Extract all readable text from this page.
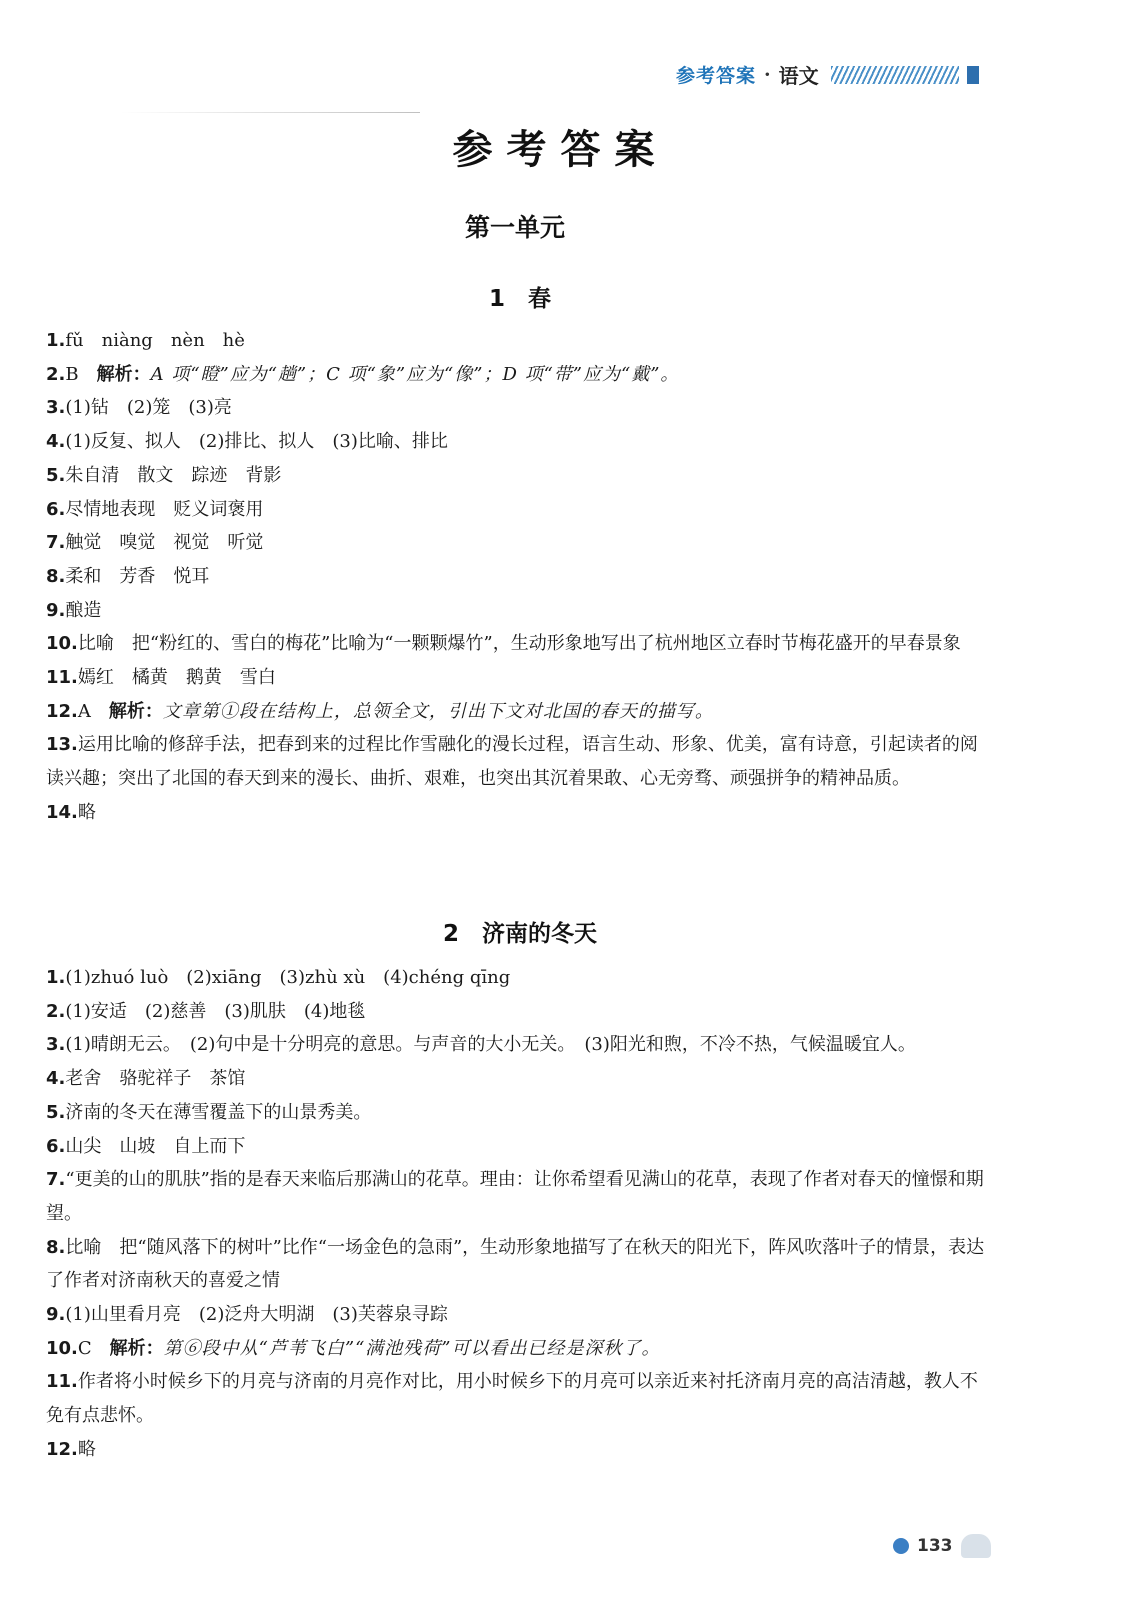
参考答案 · 语文
参考答案
第一单元
1　春
1.fǔ　niàng　nèn　hè
2.B　 解析：A 项“瞪”应为“趟”；C 项“象”应为“像”；D 项“带”应为“戴”。
3.(1)钻　(2)笼　(3)亮
4.(1)反复、拟人　(2)排比、拟人　(3)比喻、排比
5.朱自清　散文　踪迹　背影
6.尽情地表现　贬义词褒用
7.触觉　嗅觉　视觉　听觉
8.柔和　芳香　悦耳
9.酿造
10.比喻　把“粉红的、雪白的梅花”比喻为“一颗颗爆竹”，生动形象地写出了杭州地区立春时节梅花盛开的早春景象
11.嫣红　橘黄　鹅黄　雪白
12.A　 解析：文章第①段在结构上，总领全文，引出下文对北国的春天的描写。
13.运用比喻的修辞手法，把春到来的过程比作雪融化的漫长过程，语言生动、形象、优美，富有诗意，引起读者的阅读兴趣；突出了北国的春天到来的漫长、曲折、艰难，也突出其沉着果敢、心无旁骛、顽强拼争的精神品质。
14.略
2　济南的冬天
1.(1)zhuó luò　(2)xiāng　(3)zhù xù　(4)chéng qīng
2.(1)安适　(2)慈善　(3)肌肤　(4)地毯
3.(1)晴朗无云。　(2)句中是十分明亮的意思。与声音的大小无关。　(3)阳光和煦，不冷不热，气候温暖宜人。
4.老舍　骆驼祥子　茶馆
5.济南的冬天在薄雪覆盖下的山景秀美。
6.山尖　山坡　自上而下
7.“更美的山的肌肤”指的是春天来临后那满山的花草。理由：让你希望看见满山的花草，表现了作者对春天的憧憬和期望。
8.比喻　把“随风落下的树叶”比作“一场金色的急雨”，生动形象地描写了在秋天的阳光下，阵风吹落叶子的情景，表达了作者对济南秋天的喜爱之情
9.(1)山里看月亮　(2)泛舟大明湖　(3)芙蓉泉寻踪
10.C　 解析：第⑥段中从“芦苇飞白”“满池残荷”可以看出已经是深秋了。
11.作者将小时候乡下的月亮与济南的月亮作对比，用小时候乡下的月亮可以亲近来衬托济南月亮的高洁清越，教人不免有点悲怀。
12.略
133
